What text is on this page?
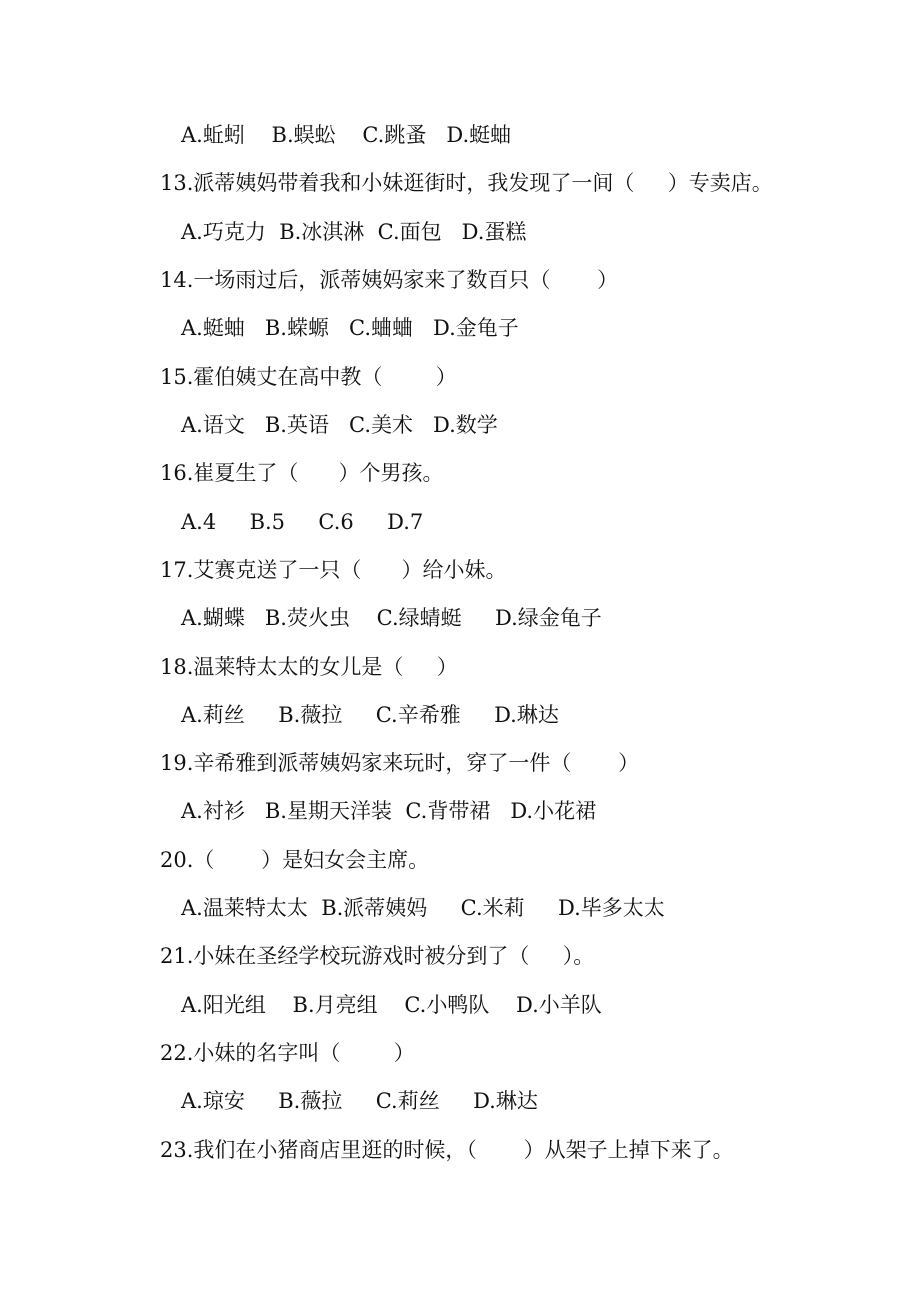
A.蚯蚓    B.蜈蚣    C.跳蚤   D.蜓蚰
13.派蒂姨妈带着我和小妹逛街时，我发现了一间（     ）专卖店。
A.巧克力  B.冰淇淋  C.面包   D.蛋糕
14.一场雨过后，派蒂姨妈家来了数百只（       ）
A.蜓蚰   B.蝾螈   C.蛐蛐   D.金龟子
15.霍伯姨丈在高中教（        ）
A.语文   B.英语   C.美术   D.数学
16.崔夏生了（      ）个男孩。
A.4     B.5     C.6     D.7
17.艾赛克送了一只（      ）给小妹。
A.蝴蝶   B.荧火虫    C.绿蜻蜓     D.绿金龟子
18.温莱特太太的女儿是（     ）
A.莉丝     B.薇拉     C.辛希雅     D.琳达
19.辛希雅到派蒂姨妈家来玩时，穿了一件（       ）
A.衬衫   B.星期天洋装  C.背带裙   D.小花裙
20.（       ）是妇女会主席。
A.温莱特太太  B.派蒂姨妈     C.米莉     D.毕多太太
21.小妹在圣经学校玩游戏时被分到了（     ）。
A.阳光组    B.月亮组    C.小鸭队    D.小羊队
22.小妹的名字叫（        ）
A.琼安     B.薇拉     C.莉丝     D.琳达
23.我们在小猪商店里逛的时候，（       ）从架子上掉下来了。
